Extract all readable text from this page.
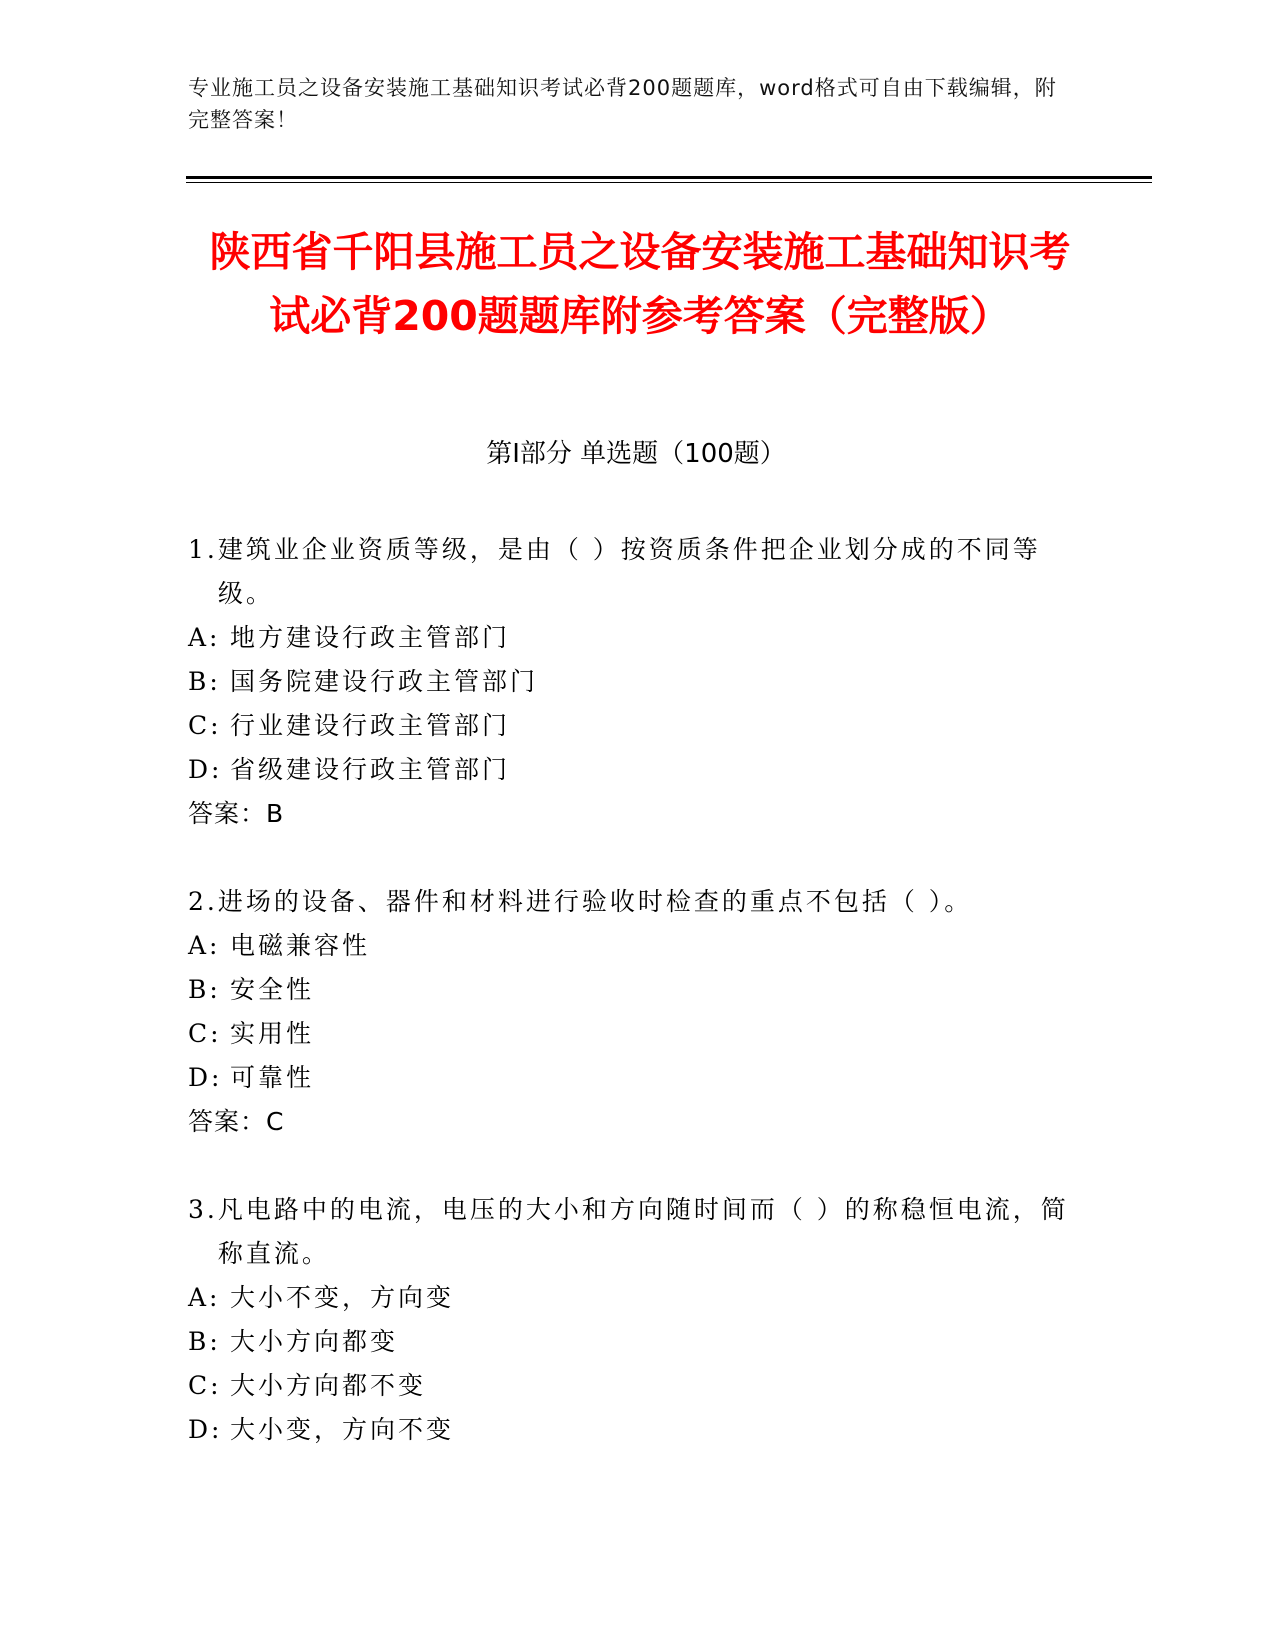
专业施工员之设备安装施工基础知识考试必背200题题库，word格式可自由下载编辑，附完整答案！
陕西省千阳县施工员之设备安装施工基础知识考试必背200题题库附参考答案（完整版）
第I部分 单选题（100题）
1. 建筑业企业资质等级，是由（ ）按资质条件把企业划分成的不同等级。
A: 地方建设行政主管部门
B: 国务院建设行政主管部门
C: 行业建设行政主管部门
D: 省级建设行政主管部门
答案：B
2. 进场的设备、器件和材料进行验收时检查的重点不包括（ ）。
A: 电磁兼容性
B: 安全性
C: 实用性
D: 可靠性
答案：C
3. 凡电路中的电流，电压的大小和方向随时间而（ ）的称稳恒电流，简称直流。
A: 大小不变，方向变
B: 大小方向都变
C: 大小方向都不变
D: 大小变，方向不变
